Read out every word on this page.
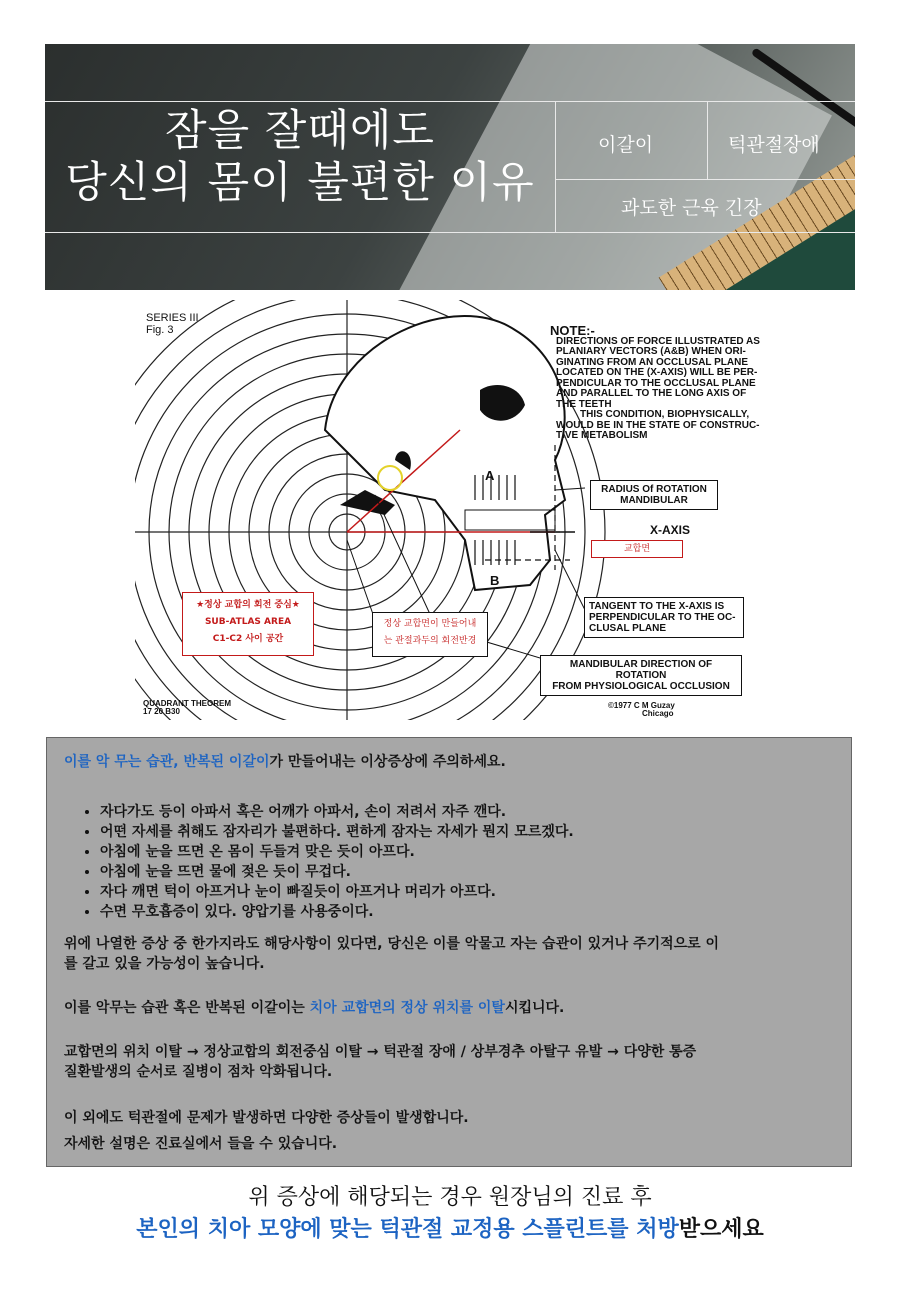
잠을 잘때에도
당신의 몸이 불편한 이유
이갈이	턱관절장애
과도한 근육 긴장
SERIES III
Fig. 3	NOTE:-
DIRECTIONS OF FORCE ILLUSTRATED AS
PLANIARY VECTORS (A&B) WHEN ORI-
GINATING FROM AN OCCLUSAL PLANE
LOCATED ON THE (X-AXIS) WILL BE PER-
PENDICULAR TO THE OCCLUSAL PLANE
AND PARALLEL TO THE LONG AXIS OF
THE TEETH
THIS CONDITION, BIOPHYSICALLY,
WOULD BE IN THE STATE OF CONSTRUC-
TIVE METABOLISM
A
B
RADIUS Of ROTATION
MANDIBULAR
X-AXIS
교합면
TANGENT TO THE X-AXIS IS
PERPENDICULAR TO THE OC-
CLUSAL PLANE
MANDIBULAR DIRECTION OF ROTATION
FROM PHYSIOLOGICAL OCCLUSION
★정상 교합의 회전 중심★
SUB-ATLAS AREA
C1-C2 사이 공간
정상 교합면이 만들어내
는 관절과두의 회전반경
QUADRANT THEOREM
17 20 B30
©1977 C M Guzay
Chicago

이를 악 무는 습관, 반복된 이갈이가 만들어내는 이상증상에 주의하세요.

• 자다가도 등이 아파서 혹은 어깨가 아파서, 손이 저려서 자주 깬다.
• 어떤 자세를 취해도 잠자리가 불편하다. 편하게 잠자는 자세가 뭔지 모르겠다.
• 아침에 눈을 뜨면 온 몸이 두들겨 맞은 듯이 아프다.
• 아침에 눈을 뜨면 물에 젖은 듯이 무겁다.
• 자다 깨면 턱이 아프거나 눈이 빠질듯이 아프거나 머리가 아프다.
• 수면 무호흡증이 있다. 양압기를 사용중이다.

위에 나열한 증상 중 한가지라도 해당사항이 있다면, 당신은 이를 악물고 자는 습관이 있거나 주기적으로 이
를 갈고 있을 가능성이 높습니다.

이를 악무는 습관 혹은 반복된 이갈이는 치아 교합면의 정상 위치를 이탈시킵니다.

교합면의 위치 이탈 → 정상교합의 회전중심 이탈 → 턱관절 장애 / 상부경추 아탈구 유발 → 다양한 통증
질환발생의 순서로 질병이 점차 악화됩니다.

이 외에도 턱관절에 문제가 발생하면 다양한 증상들이 발생합니다.

자세한 설명은 진료실에서 들을 수 있습니다.

위 증상에 해당되는 경우 원장님의 진료 후
본인의 치아 모양에 맞는 턱관절 교정용 스플린트를 처방받으세요
